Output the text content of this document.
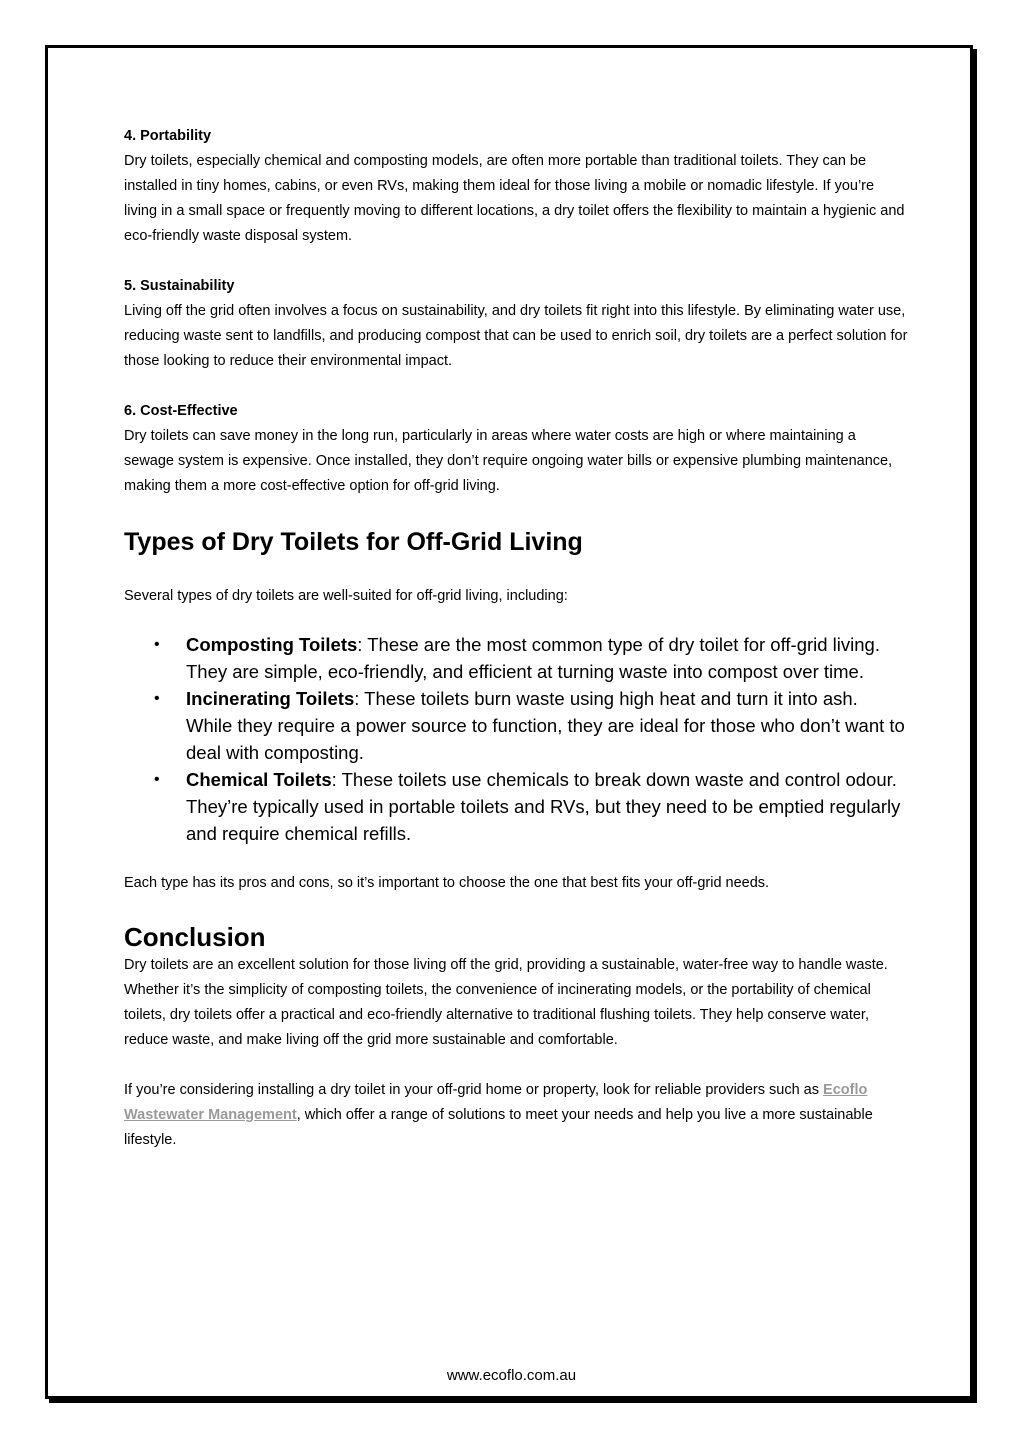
4. Portability

Dry toilets, especially chemical and composting models, are often more portable than traditional toilets. They can be installed in tiny homes, cabins, or even RVs, making them ideal for those living a mobile or nomadic lifestyle. If you’re living in a small space or frequently moving to different locations, a dry toilet offers the flexibility to maintain a hygienic and eco-friendly waste disposal system.

5. Sustainability

Living off the grid often involves a focus on sustainability, and dry toilets fit right into this lifestyle. By eliminating water use, reducing waste sent to landfills, and producing compost that can be used to enrich soil, dry toilets are a perfect solution for those looking to reduce their environmental impact.

6. Cost-Effective

Dry toilets can save money in the long run, particularly in areas where water costs are high or where maintaining a sewage system is expensive. Once installed, they don’t require ongoing water bills or expensive plumbing maintenance, making them a more cost-effective option for off-grid living.

Types of Dry Toilets for Off-Grid Living

Several types of dry toilets are well-suited for off-grid living, including:

• Composting Toilets: These are the most common type of dry toilet for off-grid living. They are simple, eco-friendly, and efficient at turning waste into compost over time.
• Incinerating Toilets: These toilets burn waste using high heat and turn it into ash. While they require a power source to function, they are ideal for those who don’t want to deal with composting.
• Chemical Toilets: These toilets use chemicals to break down waste and control odour. They’re typically used in portable toilets and RVs, but they need to be emptied regularly and require chemical refills.

Each type has its pros and cons, so it’s important to choose the one that best fits your off-grid needs.

Conclusion

Dry toilets are an excellent solution for those living off the grid, providing a sustainable, water-free way to handle waste. Whether it’s the simplicity of composting toilets, the convenience of incinerating models, or the portability of chemical toilets, dry toilets offer a practical and eco-friendly alternative to traditional flushing toilets. They help conserve water, reduce waste, and make living off the grid more sustainable and comfortable.

If you’re considering installing a dry toilet in your off-grid home or property, look for reliable providers such as Ecoflo Wastewater Management, which offer a range of solutions to meet your needs and help you live a more sustainable lifestyle.

www.ecoflo.com.au
